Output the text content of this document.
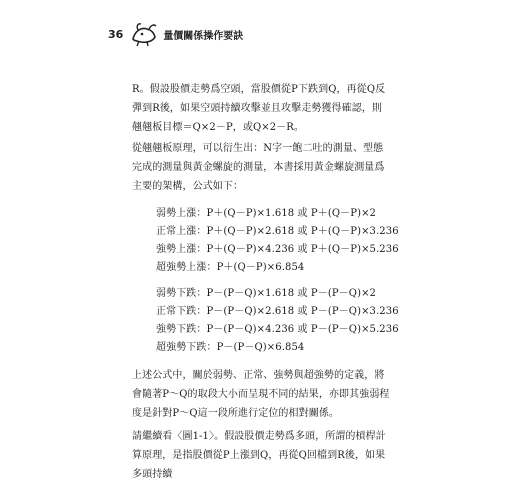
36	量價關係操作要訣
R。假設股價走勢爲空頭，當股價從P下跌到Q，再從Q反彈到R後，如果空頭持續攻擊並且攻擊走勢獲得確認，則翹翹板目標＝Q×2－P，或Q×2－R。
從翹翹板原理，可以衍生出：N字一飽二吐的測量、型態完成的測量與黃金螺旋的測量，本書採用黃金螺旋測量爲主要的架構，公式如下：
弱勢上漲：P＋(Q－P)×1.618 或 P＋(Q－P)×2
正常上漲：P＋(Q－P)×2.618 或 P＋(Q－P)×3.236
強勢上漲：P＋(Q－P)×4.236 或 P＋(Q－P)×5.236
超強勢上漲：P＋(Q－P)×6.854
弱勢下跌：P－(P－Q)×1.618 或 P－(P－Q)×2
正常下跌：P－(P－Q)×2.618 或 P－(P－Q)×3.236
強勢下跌：P－(P－Q)×4.236 或 P－(P－Q)×5.236
超強勢下跌：P－(P－Q)×6.854
上述公式中，關於弱勢、正常、強勢與超強勢的定義，將會隨著P～Q的取段大小而呈現不同的結果，亦即其強弱程度是針對P～Q這一段所進行定位的相對關係。
請繼續看〈圖1-1〉。假設股價走勢爲多頭，所謂的槓桿計算原理，是指股價從P上漲到Q，再從Q回檔到R後，如果多頭持續
